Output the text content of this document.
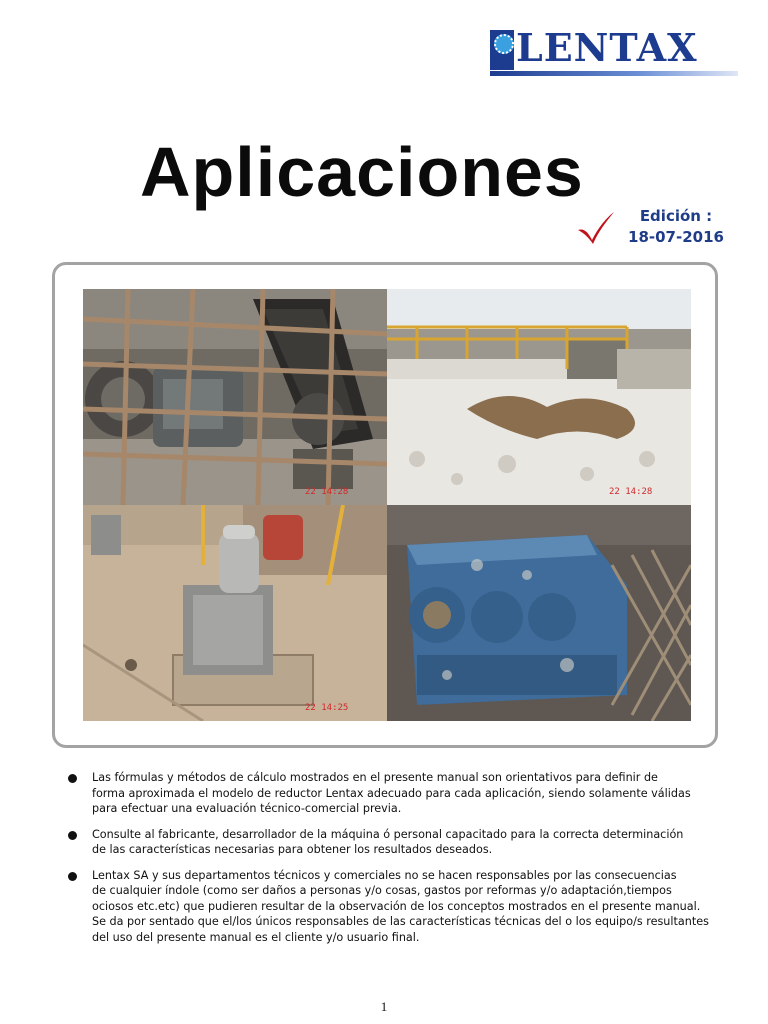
LENTAX
Aplicaciones
Edición :
18-07-2016
22 14:28	22 14:28
22 14:25
Las fórmulas y métodos de cálculo mostrados en el presente manual son orientativos para definir de
forma aproximada el modelo de reductor Lentax adecuado para cada aplicación, siendo solamente válidas
para efectuar una evaluación técnico-comercial previa.
Consulte al fabricante, desarrollador de la máquina ó personal capacitado para la correcta determinación
de las características necesarias para obtener los resultados deseados.
Lentax SA y sus departamentos técnicos y comerciales no se hacen responsables por las consecuencias
de cualquier índole (como ser daños a personas y/o cosas, gastos por reformas y/o adaptación,tiempos
ociosos etc.etc) que pudieren resultar de la observación de los conceptos mostrados en el presente manual.
Se da por sentado que el/los únicos responsables de las características técnicas del o los equipo/s resultantes
del uso del presente manual es el cliente y/o usuario final.
1
